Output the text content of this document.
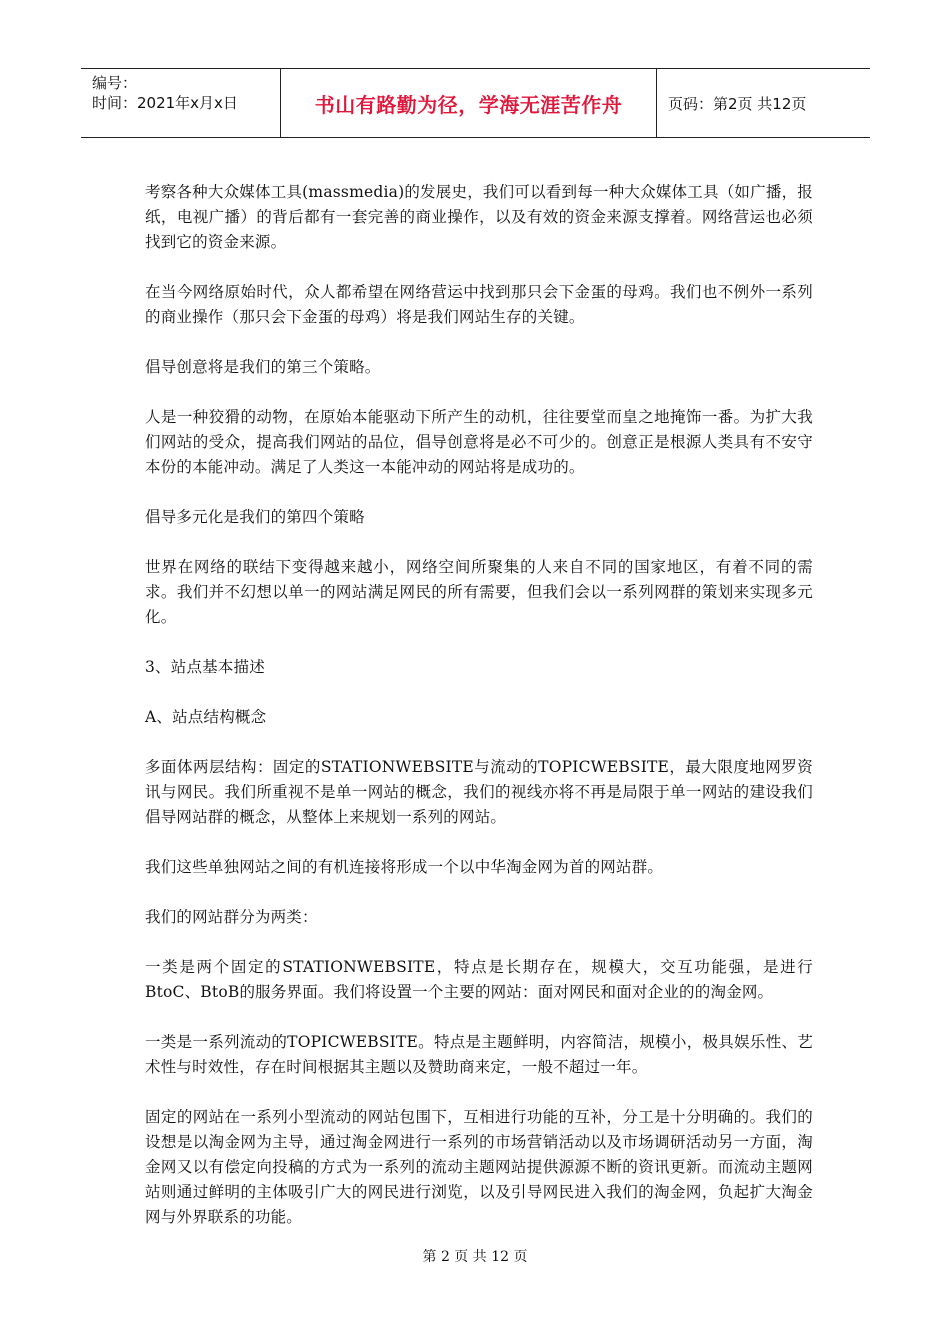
编号：
时间：2021年x月x日	书山有路勤为径，学海无涯苦作舟	页码：第2页 共12页

考察各种大众媒体工具(massmedia)的发展史，我们可以看到每一种大众媒体工具（如广播，报纸，电视广播）的背后都有一套完善的商业操作，以及有效的资金来源支撑着。网络营运也必须找到它的资金来源。

在当今网络原始时代，众人都希望在网络营运中找到那只会下金蛋的母鸡。我们也不例外一系列的商业操作（那只会下金蛋的母鸡）将是我们网站生存的关键。

倡导创意将是我们的第三个策略。

人是一种狡猾的动物，在原始本能驱动下所产生的动机，往往要堂而皇之地掩饰一番。为扩大我们网站的受众，提高我们网站的品位，倡导创意将是必不可少的。创意正是根源人类具有不安守本份的本能冲动。满足了人类这一本能冲动的网站将是成功的。

倡导多元化是我们的第四个策略

世界在网络的联结下变得越来越小，网络空间所聚集的人来自不同的国家地区，有着不同的需求。我们并不幻想以单一的网站满足网民的所有需要，但我们会以一系列网群的策划来实现多元化。

3、站点基本描述

A、站点结构概念

多面体两层结构：固定的STATIONWEBSITE与流动的TOPICWEBSITE，最大限度地网罗资讯与网民。我们所重视不是单一网站的概念，我们的视线亦将不再是局限于单一网站的建设我们倡导网站群的概念，从整体上来规划一系列的网站。

我们这些单独网站之间的有机连接将形成一个以中华淘金网为首的网站群。

我们的网站群分为两类：

一类是两个固定的STATIONWEBSITE，特点是长期存在，规模大，交互功能强，是进行BtoC、BtoB的服务界面。我们将设置一个主要的网站：面对网民和面对企业的的淘金网。

一类是一系列流动的TOPICWEBSITE。特点是主题鲜明，内容简洁，规模小，极具娱乐性、艺术性与时效性，存在时间根据其主题以及赞助商来定，一般不超过一年。

固定的网站在一系列小型流动的网站包围下，互相进行功能的互补，分工是十分明确的。我们的设想是以淘金网为主导，通过淘金网进行一系列的市场营销活动以及市场调研活动另一方面，淘金网又以有偿定向投稿的方式为一系列的流动主题网站提供源源不断的资讯更新。而流动主题网站则通过鲜明的主体吸引广大的网民进行浏览，以及引导网民进入我们的淘金网，负起扩大淘金网与外界联系的功能。

第 2 页 共 12 页
